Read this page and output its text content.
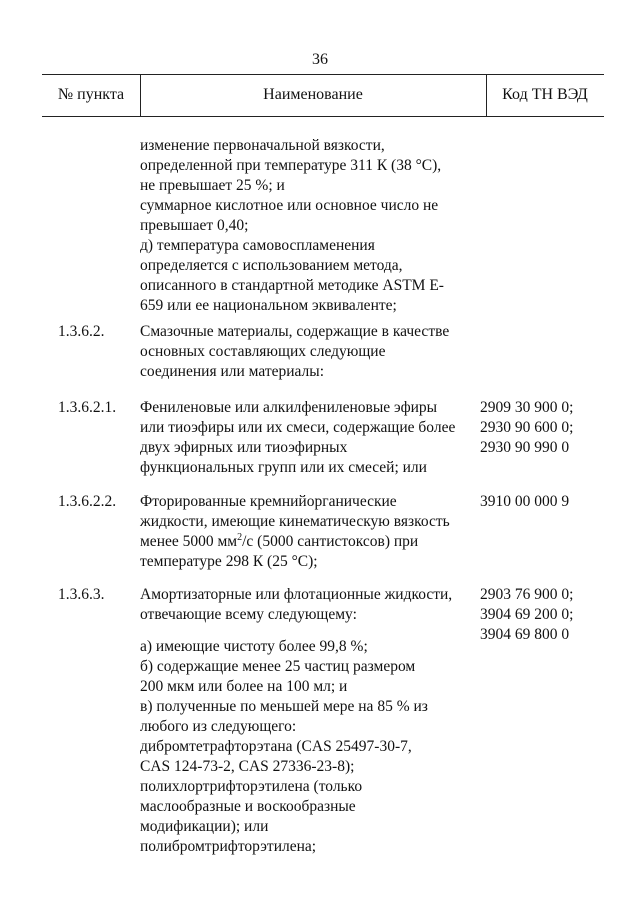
36
№ пункта	Наименование	Код ТН ВЭД
изменение первоначальной вязкости,
определенной при температуре 311 К (38 °С),
не превышает 25 %; и
суммарное кислотное или основное число не
превышает 0,40;
д) температура самовоспламенения
определяется с использованием метода,
описанного в стандартной методике ASTM E-
659 или ее национальном эквиваленте;
1.3.6.2. Смазочные материалы, содержащие в качестве
основных составляющих следующие
соединения или материалы:
1.3.6.2.1. Фениленовые или алкилфениленовые эфиры
или тиоэфиры или их смеси, содержащие более
двух эфирных или тиоэфирных
функциональных групп или их смесей; или
2909 30 900 0;
2930 90 600 0;
2930 90 990 0
1.3.6.2.2. Фторированные кремнийорганические
жидкости, имеющие кинематическую вязкость
менее 5000 $мм^2/с$ (5000 сантистоксов) при
температуре 298 К (25 °С);
3910 00 000 9
1.3.6.3. Амортизаторные или флотационные жидкости,
отвечающие всему следующему:
а) имеющие чистоту более 99,8 %;
б) содержащие менее 25 частиц размером
200 мкм или более на 100 мл; и
в) полученные по меньшей мере на 85 % из
любого из следующего:
дибромтетрафторэтана (CAS 25497-30-7,
CAS 124-73-2, CAS 27336-23-8);
полихлортрифторэтилена (только
маслообразные и воскообразные
модификации); или
полибромтрифторэтилена;
2903 76 900 0;
3904 69 200 0;
3904 69 800 0
